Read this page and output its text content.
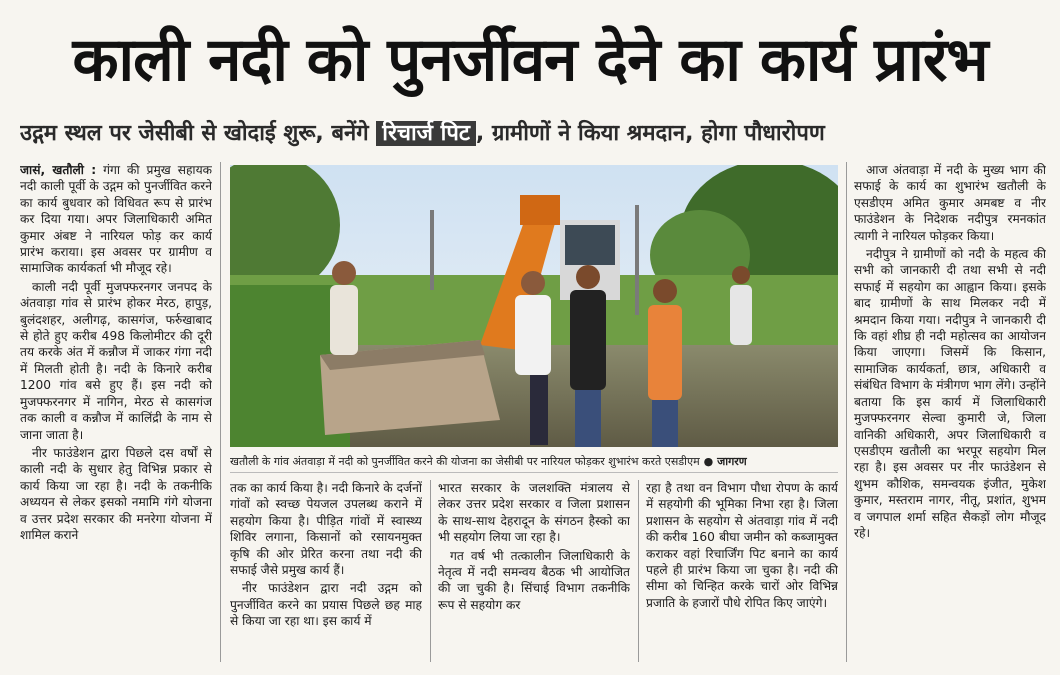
काली नदी को पुनर्जीवन देने का कार्य प्रारंभ
उद्गम स्थल पर जेसीबी से खोदाई शुरू, बनेंगे रिचार्ज पिट , ग्रामीणों ने किया श्रमदान, होगा पौधारोपण

जासं, खतौली : गंगा की प्रमुख सहायक नदी काली पूर्वी के उद्गम को पुनर्जीवित करने का कार्य बुधवार को विधिवत रूप से प्रारंभ कर दिया गया। अपर जिलाधिकारी अमित कुमार अंबष्ट ने नारियल फोड़ कर कार्य प्रारंभ कराया। इस अवसर पर ग्रामीण व सामाजिक कार्यकर्ता भी मौजूद रहे।

काली नदी पूर्वी मुजफ्फरनगर जनपद के अंतवाड़ा गांव से प्रारंभ होकर मेरठ, हापुड़, बुलंदशहर, अलीगढ़, कासगंज, फर्रुखाबाद से होते हुए करीब 498 किलोमीटर की दूरी तय करके अंत में कन्नौज में जाकर गंगा नदी में मिलती होती है। नदी के किनारे करीब 1200 गांव बसे हुए हैं। इस नदी को मुजफ्फरनगर में नागिन, मेरठ से कासगंज तक काली व कन्नौज में कालिंद्री के नाम से जाना जाता है।

नीर फाउंडेशन द्वारा पिछले दस वर्षों से काली नदी के सुधार हेतु विभिन्न प्रकार से कार्य किया जा रहा है। नदी के तकनीकि अध्ययन से लेकर इसको नमामि गंगे योजना व उत्तर प्रदेश सरकार की मनरेगा योजना में शामिल कराने

खतौली के गांव अंतवाड़ा में नदी को पुनर्जीवित करने की योजना का जेसीबी पर नारियल फोड़कर शुभारंभ करते एसडीएम ● जागरण

तक का कार्य किया है। नदी किनारे के दर्जनों गांवों को स्वच्छ पेयजल उपलब्ध कराने में सहयोग किया है। पीड़ित गांवों में स्वास्थ्य शिविर लगाना, किसानों को रसायनमुक्त कृषि की ओर प्रेरित करना तथा नदी की सफाई जैसे प्रमुख कार्य हैं।

नीर फाउंडेशन द्वारा नदी उद्गम को पुनर्जीवित करने का प्रयास पिछले छह माह से किया जा रहा था। इस कार्य में

भारत सरकार के जलशक्ति मंत्रालय से लेकर उत्तर प्रदेश सरकार व जिला प्रशासन के साथ-साथ देहरादून के संगठन हैस्को का भी सहयोग लिया जा रहा है।

गत वर्ष भी तत्कालीन जिलाधिकारी के नेतृत्व में नदी समन्वय बैठक भी आयोजित की जा चुकी है। सिंचाई विभाग तकनीकि रूप से सहयोग कर

रहा है तथा वन विभाग पौधा रोपण के कार्य में सहयोगी की भूमिका निभा रहा है। जिला प्रशासन के सहयोग से अंतवाड़ा गांव में नदी की करीब 160 बीघा जमीन को कब्जामुक्त कराकर वहां रिचार्जिंग पिट बनाने का कार्य पहले ही प्रारंभ किया जा चुका है। नदी की सीमा को चिन्हित करके चारों ओर विभिन्न प्रजाति के हजारों पौधे रोपित किए जाएंगे।

आज अंतवाड़ा में नदी के मुख्य भाग की सफाई के कार्य का शुभारंभ खतौली के एसडीएम अमित कुमार अमबष्ट व नीर फाउंडेशन के निदेशक नदीपुत्र रमनकांत त्यागी ने नारियल फोड़कर किया।

नदीपुत्र ने ग्रामीणों को नदी के महत्व की सभी को जानकारी दी तथा सभी से नदी सफाई में सहयोग का आह्वान किया। इसके बाद ग्रामीणों के साथ मिलकर नदी में श्रमदान किया गया। नदीपुत्र ने जानकारी दी कि वहां शीघ्र ही नदी महोत्सव का आयोजन किया जाएगा। जिसमें कि किसान, सामाजिक कार्यकर्ता, छात्र, अधिकारी व संबंधित विभाग के मंत्रीगण भाग लेंगे। उन्होंने बताया कि इस कार्य में जिलाधिकारी मुजफ्फरनगर सेल्वा कुमारी जे, जिला वानिकी अधिकारी, अपर जिलाधिकारी व एसडीएम खतौली का भरपूर सहयोग मिल रहा है। इस अवसर पर नीर फाउंडेशन से शुभम कौशिक, समन्वयक इंजीत, मुकेश कुमार, मस्तराम नागर, नीतू, प्रशांत, शुभम व जगपाल शर्मा सहित सैकड़ों लोग मौजूद रहे।
